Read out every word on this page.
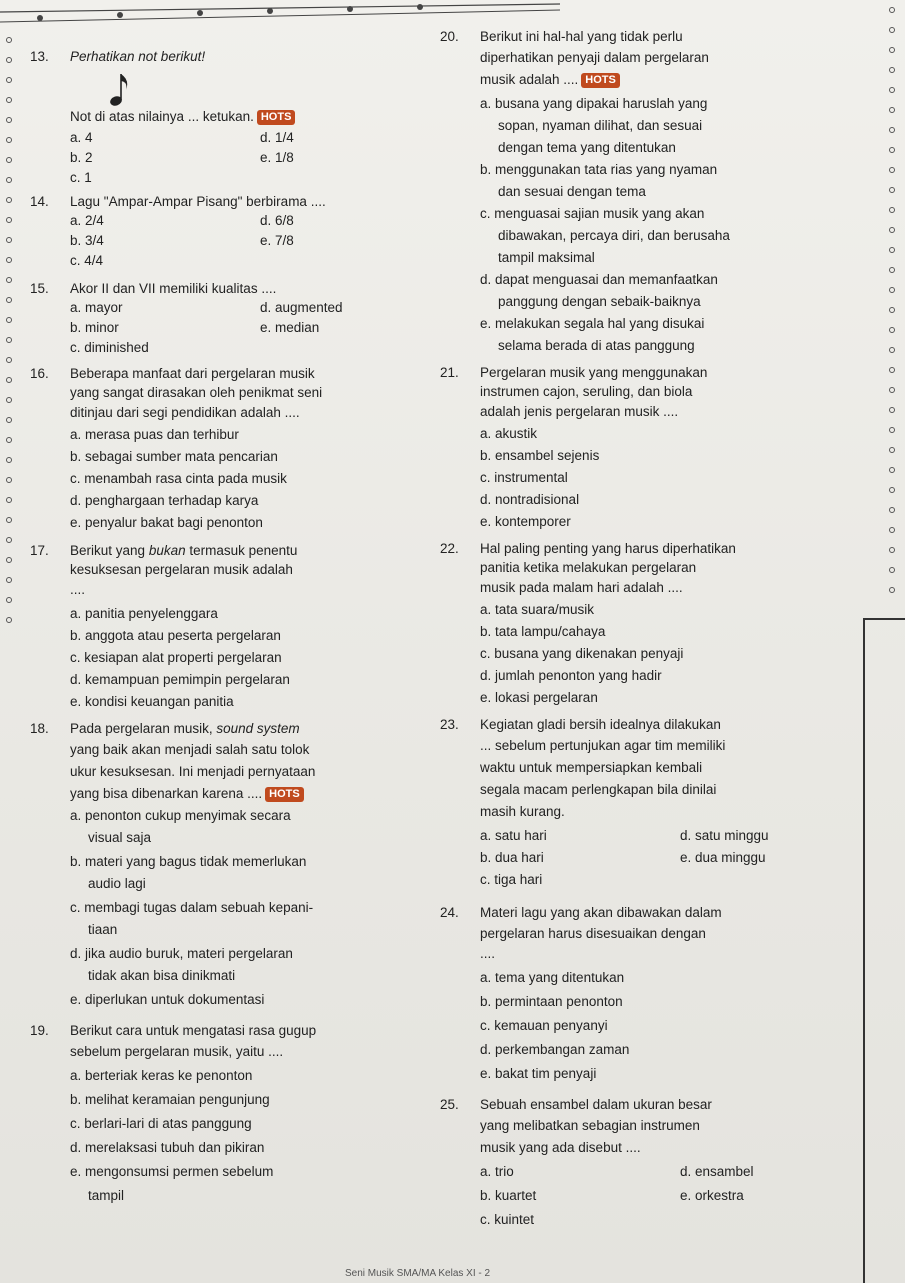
13. Perhatikan not berikut!
Not di atas nilainya ... ketukan. HOTS
a. 4
b. 2
c. 1
d. 1/4
e. 1/8
14. Lagu "Ampar-Ampar Pisang" berbirama ....
a. 2/4
b. 3/4
c. 4/4
d. 6/8
e. 7/8
15. Akor II dan VII memiliki kualitas ....
a. mayor
b. minor
c. diminished
d. augmented
e. median
16. Beberapa manfaat dari pergelaran musik
yang sangat dirasakan oleh penikmat seni
ditinjau dari segi pendidikan adalah ....
a. merasa puas dan terhibur
b. sebagai sumber mata pencarian
c. menambah rasa cinta pada musik
d. penghargaan terhadap karya
e. penyalur bakat bagi penonton
17. Berikut yang bukan termasuk penentu
kesuksesan pergelaran musik adalah
....
a. panitia penyelenggara
b. anggota atau peserta pergelaran
c. kesiapan alat properti pergelaran
d. kemampuan pemimpin pergelaran
e. kondisi keuangan panitia
18. Pada pergelaran musik, sound system
yang baik akan menjadi salah satu tolok
ukur kesuksesan. Ini menjadi pernyataan
yang bisa dibenarkan karena .... HOTS
a. penonton cukup menyimak secara
visual saja
b. materi yang bagus tidak memerlukan
audio lagi
c. membagi tugas dalam sebuah kepani-
tiaan
d. jika audio buruk, materi pergelaran
tidak akan bisa dinikmati
e. diperlukan untuk dokumentasi
19. Berikut cara untuk mengatasi rasa gugup
sebelum pergelaran musik, yaitu ....
a. berteriak keras ke penonton
b. melihat keramaian pengunjung
c. berlari-lari di atas panggung
d. merelaksasi tubuh dan pikiran
e. mengonsumsi permen sebelum
tampil
20. Berikut ini hal-hal yang tidak perlu
diperhatikan penyaji dalam pergelaran
musik adalah .... HOTS
a. busana yang dipakai haruslah yang
sopan, nyaman dilihat, dan sesuai
dengan tema yang ditentukan
b. menggunakan tata rias yang nyaman
dan sesuai dengan tema
c. menguasai sajian musik yang akan
dibawakan, percaya diri, dan berusaha
tampil maksimal
d. dapat menguasai dan memanfaatkan
panggung dengan sebaik-baiknya
e. melakukan segala hal yang disukai
selama berada di atas panggung
21. Pergelaran musik yang menggunakan
instrumen cajon, seruling, dan biola
adalah jenis pergelaran musik ....
a. akustik
b. ensambel sejenis
c. instrumental
d. nontradisional
e. kontemporer
22. Hal paling penting yang harus diperhatikan
panitia ketika melakukan pergelaran
musik pada malam hari adalah ....
a. tata suara/musik
b. tata lampu/cahaya
c. busana yang dikenakan penyaji
d. jumlah penonton yang hadir
e. lokasi pergelaran
23. Kegiatan gladi bersih idealnya dilakukan
... sebelum pertunjukan agar tim memiliki
waktu untuk mempersiapkan kembali
segala macam perlengkapan bila dinilai
masih kurang.
a. satu hari
b. dua hari
c. tiga hari
d. satu minggu
e. dua minggu
24. Materi lagu yang akan dibawakan dalam
pergelaran harus disesuaikan dengan
....
a. tema yang ditentukan
b. permintaan penonton
c. kemauan penyanyi
d. perkembangan zaman
e. bakat tim penyaji
25. Sebuah ensambel dalam ukuran besar
yang melibatkan sebagian instrumen
musik yang ada disebut ....
a. trio
b. kuartet
c. kuintet
d. ensambel
e. orkestra
Seni Musik SMA/MA Kelas XI - 2
